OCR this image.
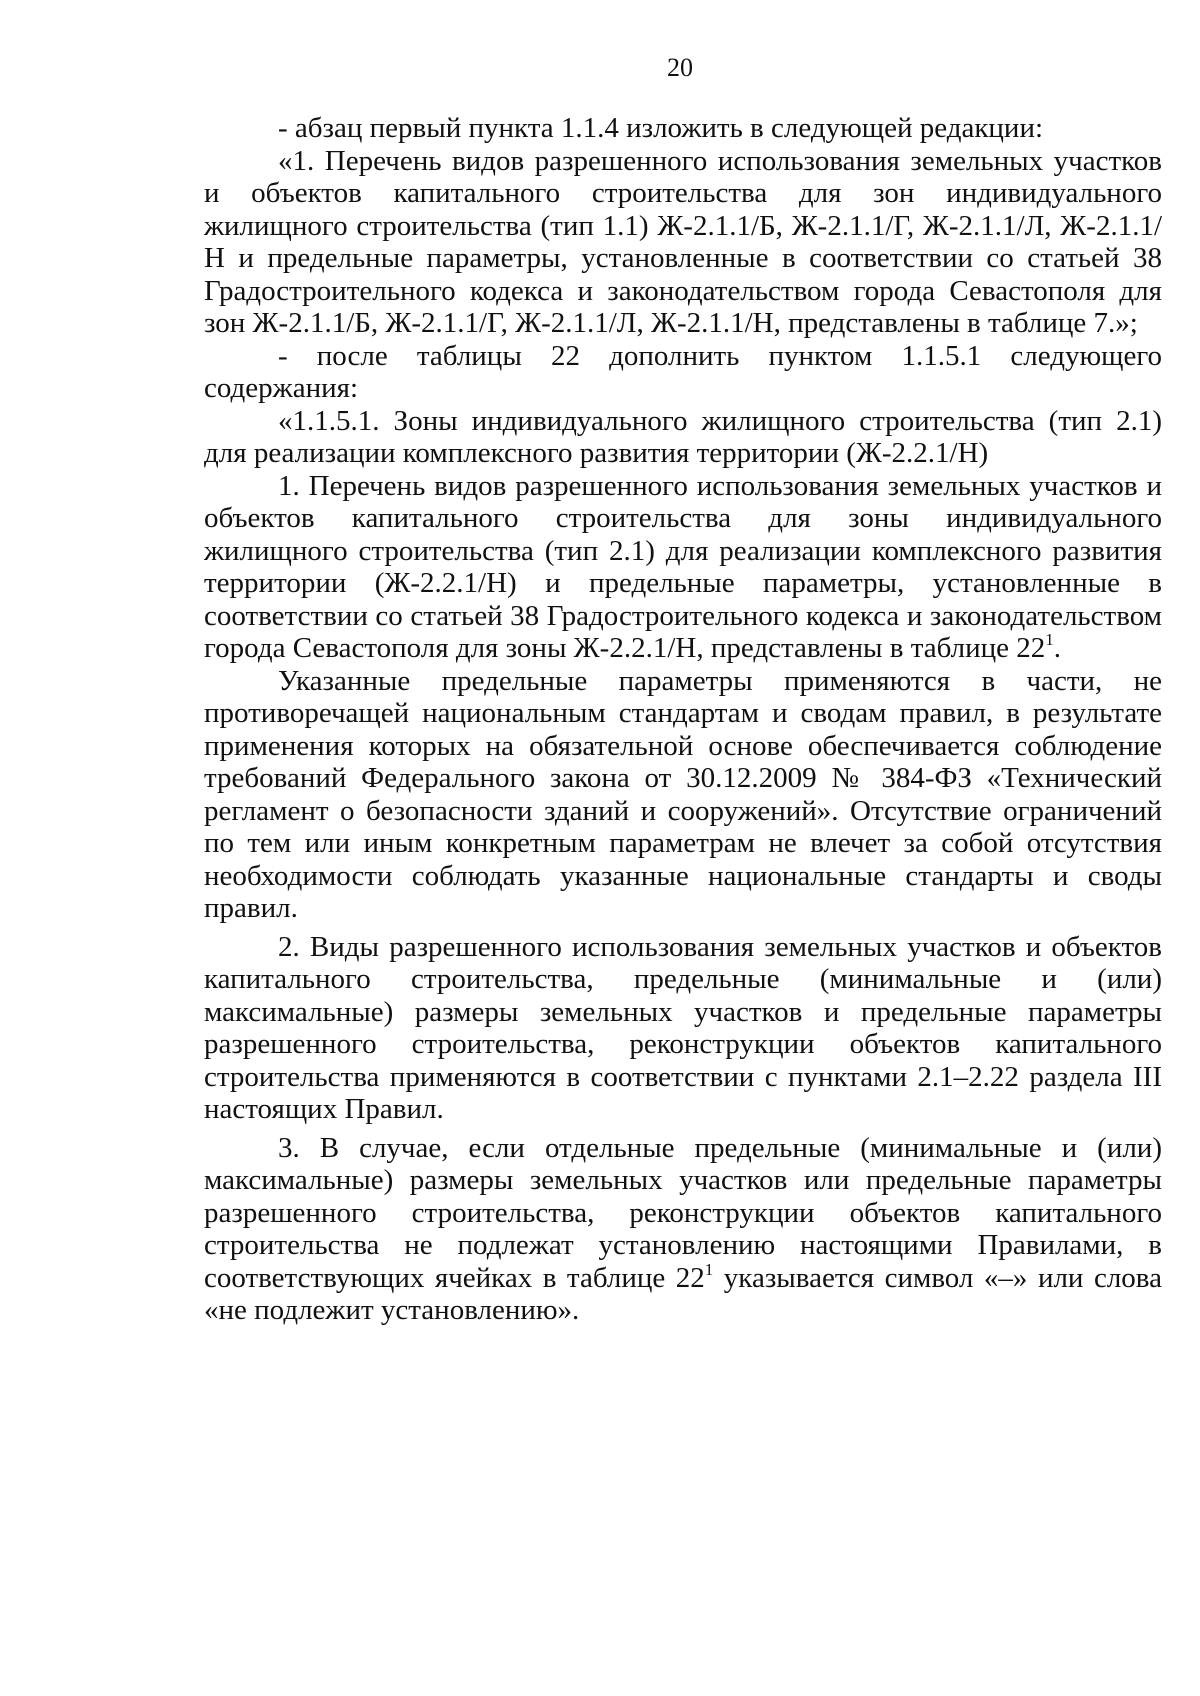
20

- абзац первый пункта 1.1.4 изложить в следующей редакции:

«1. Перечень видов разрешенного использования земельных участков и объектов капитального строительства для зон индивидуального жилищного строительства (тип 1.1) Ж-2.1.1/Б, Ж-2.1.1/Г, Ж-2.1.1/Л, Ж-2.1.1/Н и предельные параметры, установленные в соответствии со статьей 38 Градостроительного кодекса и законодательством города Севастополя для зон Ж-2.1.1/Б, Ж-2.1.1/Г, Ж-2.1.1/Л, Ж-2.1.1/Н, представлены в таблице 7.»;

- после таблицы 22 дополнить пунктом 1.1.5.1 следующего содержания:

«1.1.5.1. Зоны индивидуального жилищного строительства (тип 2.1) для реализации комплексного развития территории (Ж-2.2.1/Н)

1. Перечень видов разрешенного использования земельных участков и объектов капитального строительства для зоны индивидуального жилищного строительства (тип 2.1) для реализации комплексного развития территории (Ж-2.2.1/Н) и предельные параметры, установленные в соответствии со статьей 38 Градостроительного кодекса и законодательством города Севастополя для зоны Ж-2.2.1/Н, представлены в таблице $22^1$.

Указанные предельные параметры применяются в части, не противоречащей национальным стандартам и сводам правил, в результате применения которых на обязательной основе обеспечивается соблюдение требований Федерального закона от 30.12.2009 № 384-ФЗ «Технический регламент о безопасности зданий и сооружений». Отсутствие ограничений по тем или иным конкретным параметрам не влечет за собой отсутствия необходимости соблюдать указанные национальные стандарты и своды правил.

2. Виды разрешенного использования земельных участков и объектов капитального строительства, предельные (минимальные и (или) максимальные) размеры земельных участков и предельные параметры разрешенного строительства, реконструкции объектов капитального строительства применяются в соответствии с пунктами 2.1–2.22 раздела III настоящих Правил.

3. В случае, если отдельные предельные (минимальные и (или) максимальные) размеры земельных участков или предельные параметры разрешенного строительства, реконструкции объектов капитального строительства не подлежат установлению настоящими Правилами, в соответствующих ячейках в таблице $22^1$ указывается символ «–» или слова «не подлежит установлению».
